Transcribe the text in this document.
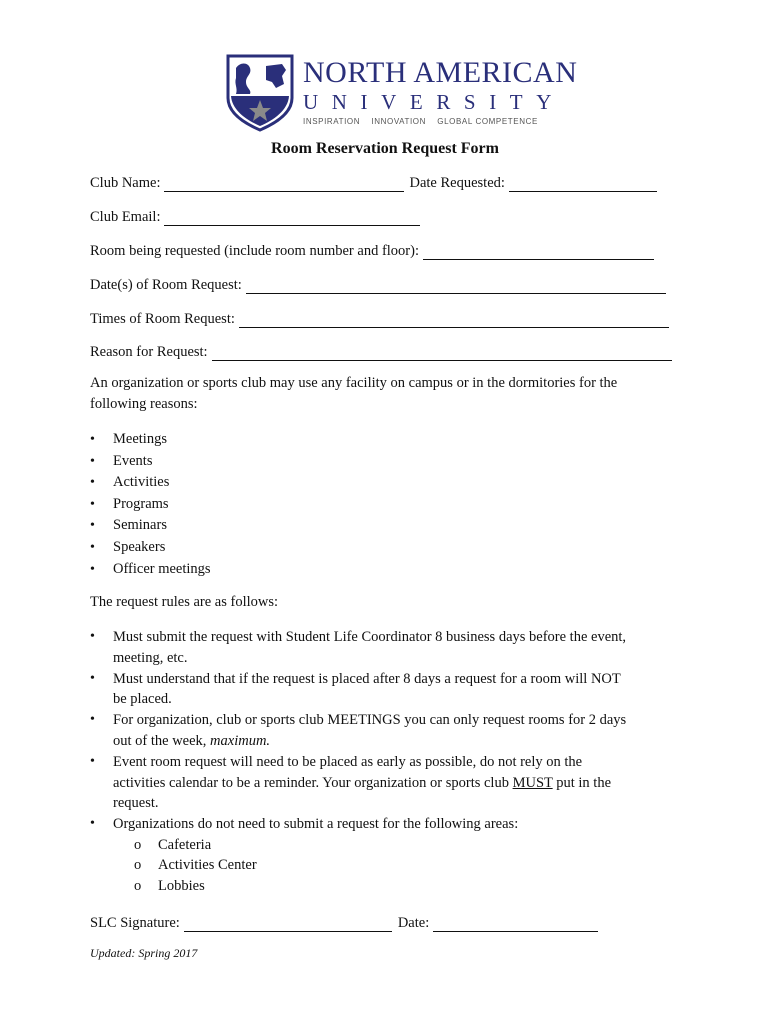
NORTH AMERICAN
UNIVERSITY
INSPIRATION    INNOVATION    GLOBAL COMPETENCE
Room Reservation Request Form
Club Name:	Date Requested:
Club Email:
Room being requested (include room number and floor):
Date(s) of Room Request:
Times of Room Request:
Reason for Request:
An organization or sports club may use any facility on campus or in the dormitories for the
following reasons:
• Meetings
• Events
• Activities
• Programs
• Seminars
• Speakers
• Officer meetings
The request rules are as follows:
• Must submit the request with Student Life Coordinator 8 business days before the event,
meeting, etc.
• Must understand that if the request is placed after 8 days a request for a room will NOT
be placed.
• For organization, club or sports club MEETINGS you can only request rooms for 2 days
out of the week, maximum.
• Event room request will need to be placed as early as possible, do not rely on the
activities calendar to be a reminder. Your organization or sports club MUST put in the
request.
• Organizations do not need to submit a request for the following areas:
o Cafeteria
o Activities Center
o Lobbies
SLC Signature:	Date:
Updated: Spring 2017
